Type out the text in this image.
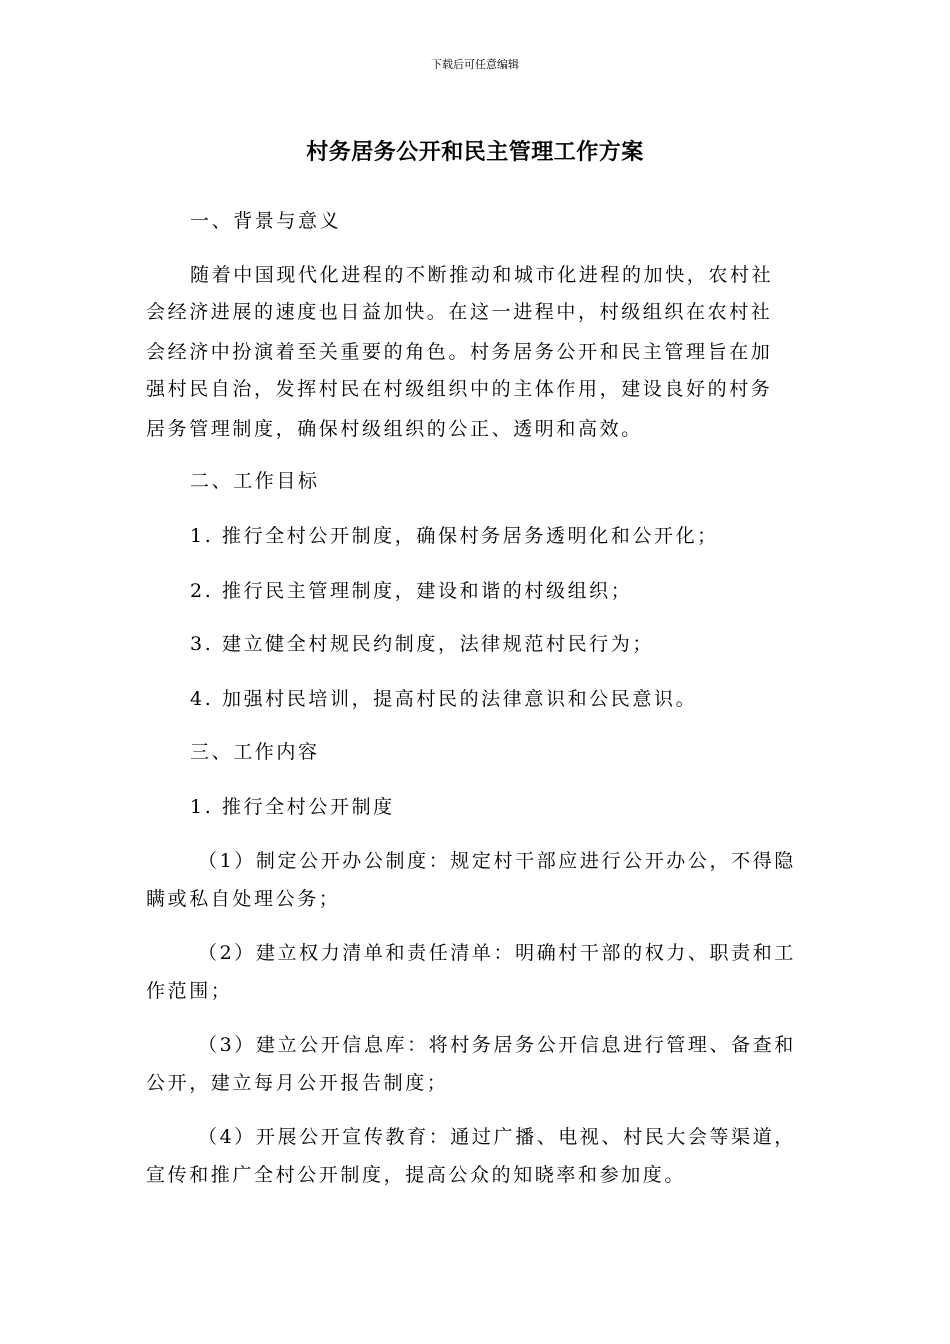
下载后可任意编辑
村务居务公开和民主管理工作方案
一、背景与意义
随着中国现代化进程的不断推动和城市化进程的加快，农村社
会经济进展的速度也日益加快。在这一进程中，村级组织在农村社
会经济中扮演着至关重要的角色。村务居务公开和民主管理旨在加
强村民自治，发挥村民在村级组织中的主体作用，建设良好的村务
居务管理制度，确保村级组织的公正、透明和高效。
二、工作目标
1. 推行全村公开制度，确保村务居务透明化和公开化；
2. 推行民主管理制度，建设和谐的村级组织；
3. 建立健全村规民约制度，法律规范村民行为；
4. 加强村民培训，提高村民的法律意识和公民意识。
三、工作内容
1. 推行全村公开制度
（1）制定公开办公制度：规定村干部应进行公开办公，不得隐
瞒或私自处理公务；
（2）建立权力清单和责任清单：明确村干部的权力、职责和工
作范围；
（3）建立公开信息库：将村务居务公开信息进行管理、备查和
公开，建立每月公开报告制度；
（4）开展公开宣传教育：通过广播、电视、村民大会等渠道，
宣传和推广全村公开制度，提高公众的知晓率和参加度。
